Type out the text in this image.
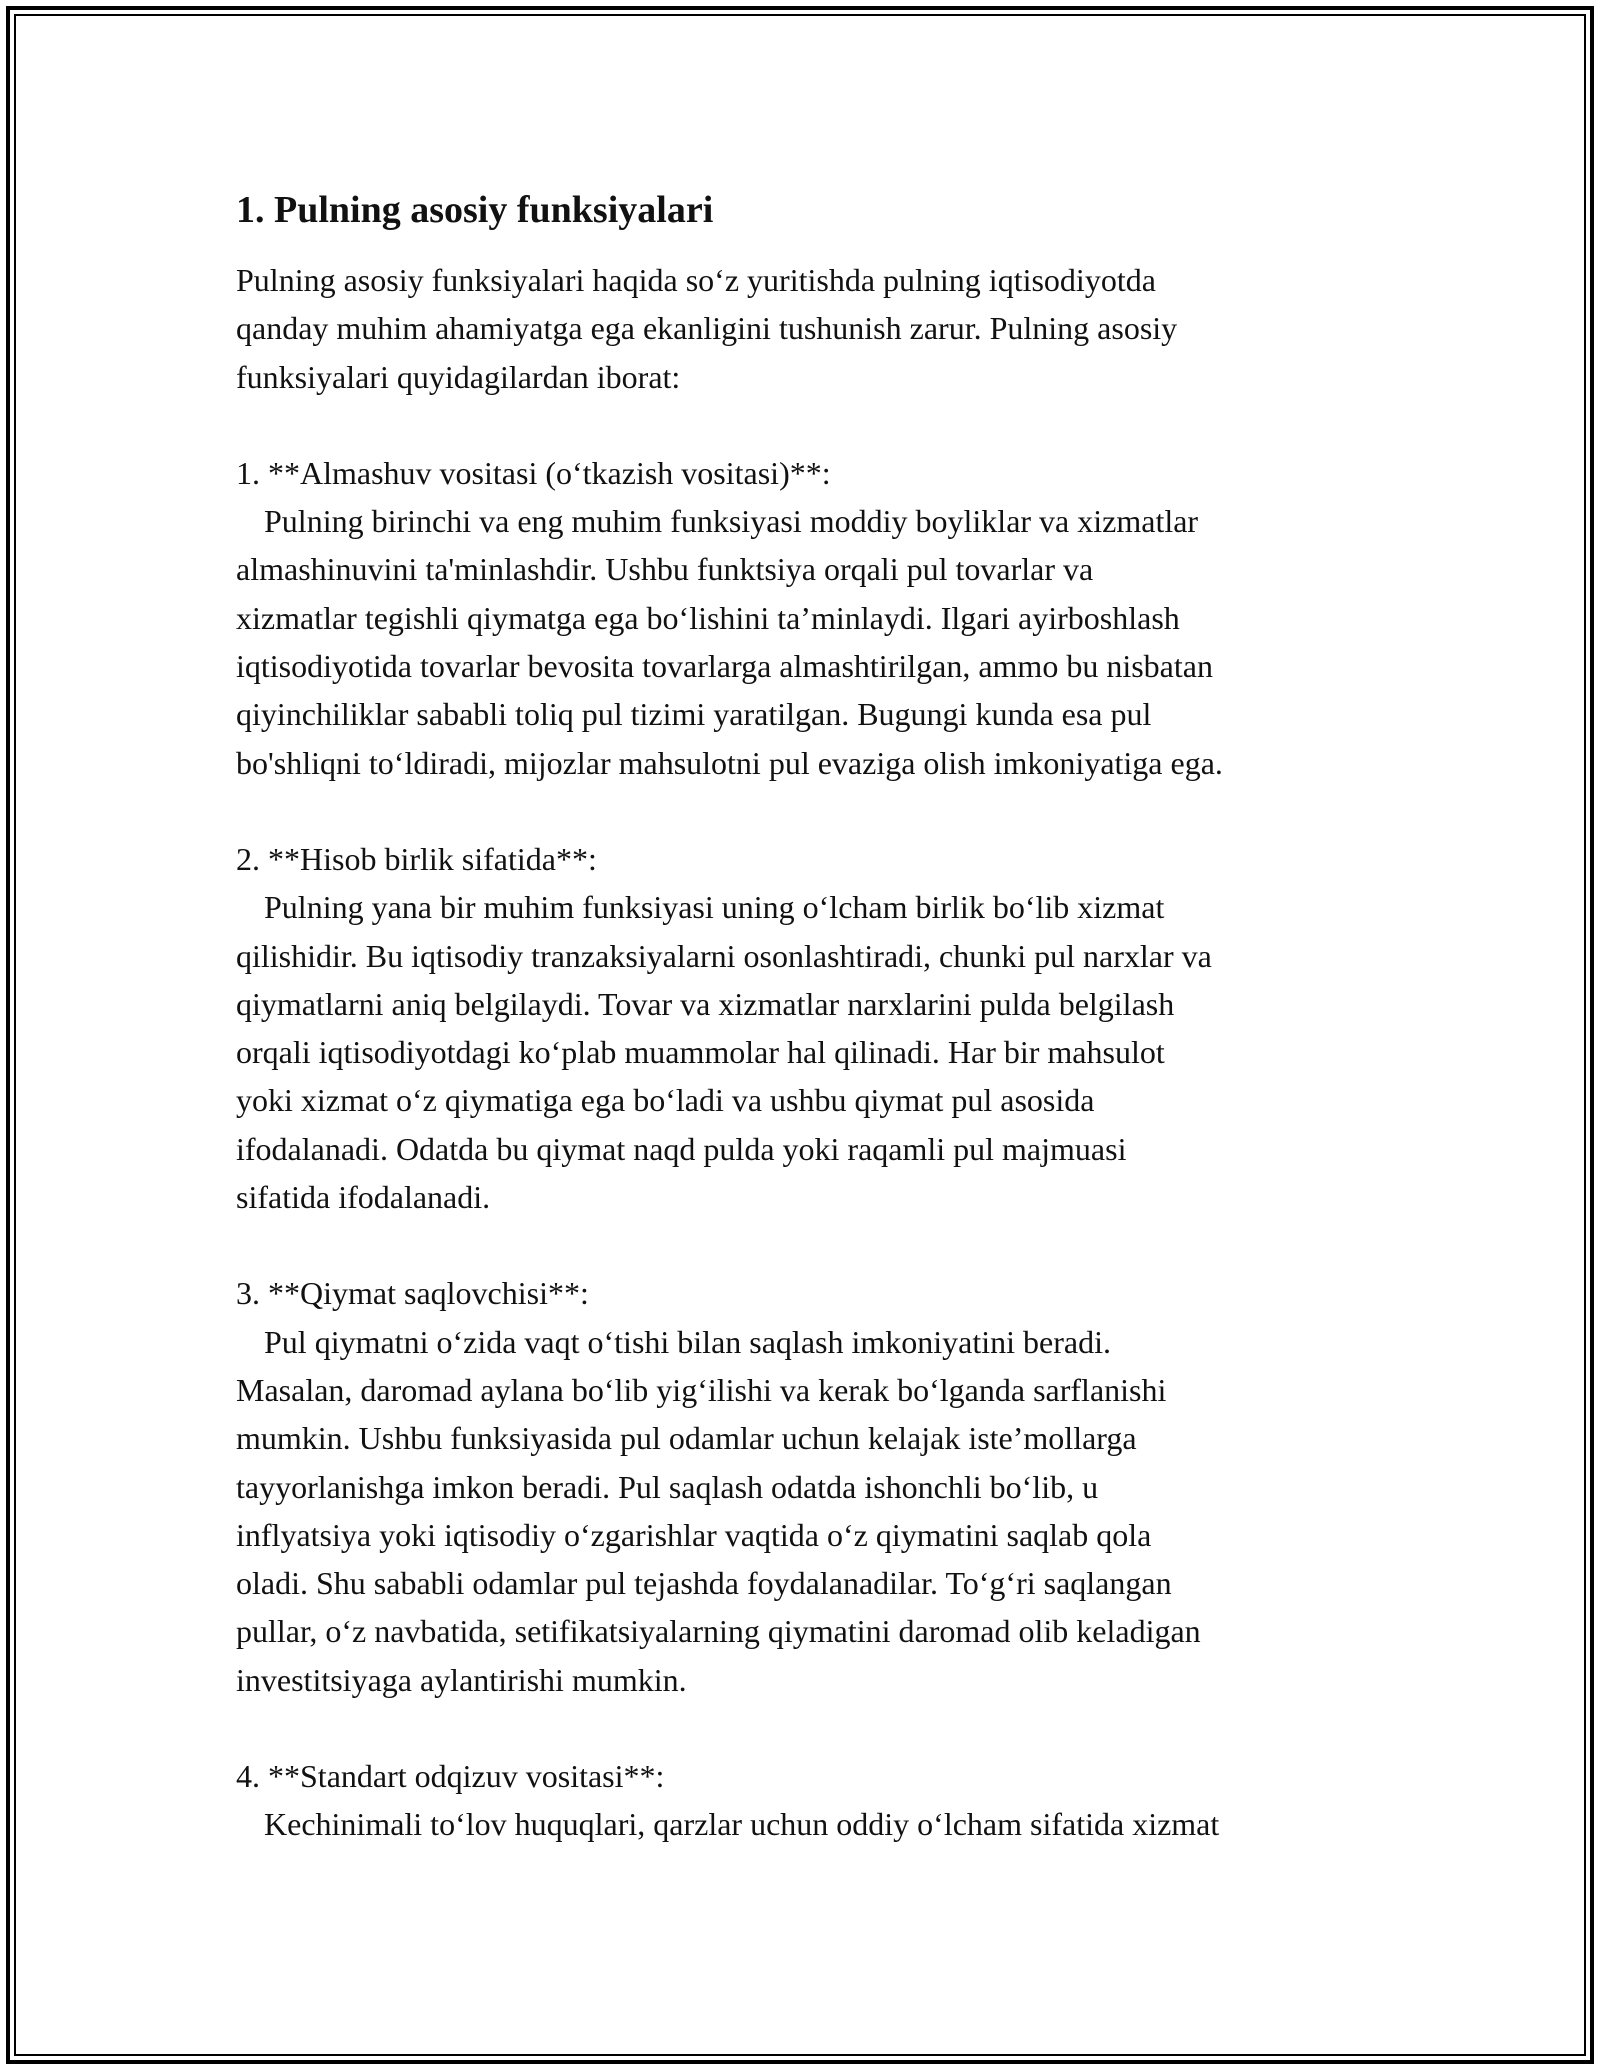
1. Pulning asosiy funksiyalari

Pulning asosiy funksiyalari haqida so‘z yuritishda pulning iqtisodiyotda
qanday muhim ahamiyatga ega ekanligini tushunish zarur. Pulning asosiy
funksiyalari quyidagilardan iborat:

1. **Almashuv vositasi (o‘tkazish vositasi)**:

Pulning birinchi va eng muhim funksiyasi moddiy boyliklar va xizmatlar
almashinuvini ta'minlashdir. Ushbu funktsiya orqali pul tovarlar va
xizmatlar tegishli qiymatga ega bo‘lishini ta’minlaydi. Ilgari ayirboshlash
iqtisodiyotida tovarlar bevosita tovarlarga almashtirilgan, ammo bu nisbatan
qiyinchiliklar sababli toliq pul tizimi yaratilgan. Bugungi kunda esa pul
bo'shliqni to‘ldiradi, mijozlar mahsulotni pul evaziga olish imkoniyatiga ega.

2. **Hisob birlik sifatida**:

Pulning yana bir muhim funksiyasi uning o‘lcham birlik bo‘lib xizmat
qilishidir. Bu iqtisodiy tranzaksiyalarni osonlashtiradi, chunki pul narxlar va
qiymatlarni aniq belgilaydi. Tovar va xizmatlar narxlarini pulda belgilash
orqali iqtisodiyotdagi ko‘plab muammolar hal qilinadi. Har bir mahsulot
yoki xizmat o‘z qiymatiga ega bo‘ladi va ushbu qiymat pul asosida
ifodalanadi. Odatda bu qiymat naqd pulda yoki raqamli pul majmuasi
sifatida ifodalanadi.

3. **Qiymat saqlovchisi**:

Pul qiymatni o‘zida vaqt o‘tishi bilan saqlash imkoniyatini beradi.
Masalan, daromad aylana bo‘lib yig‘ilishi va kerak bo‘lganda sarflanishi
mumkin. Ushbu funksiyasida pul odamlar uchun kelajak iste’mollarga
tayyorlanishga imkon beradi. Pul saqlash odatda ishonchli bo‘lib, u
inflyatsiya yoki iqtisodiy o‘zgarishlar vaqtida o‘z qiymatini saqlab qola
oladi. Shu sababli odamlar pul tejashda foydalanadilar. To‘g‘ri saqlangan
pullar, o‘z navbatida, setifikatsiyalarning qiymatini daromad olib keladigan
investitsiyaga aylantirishi mumkin.

4. **Standart odqizuv vositasi**:

Kechinimali to‘lov huquqlari, qarzlar uchun oddiy o‘lcham sifatida xizmat
